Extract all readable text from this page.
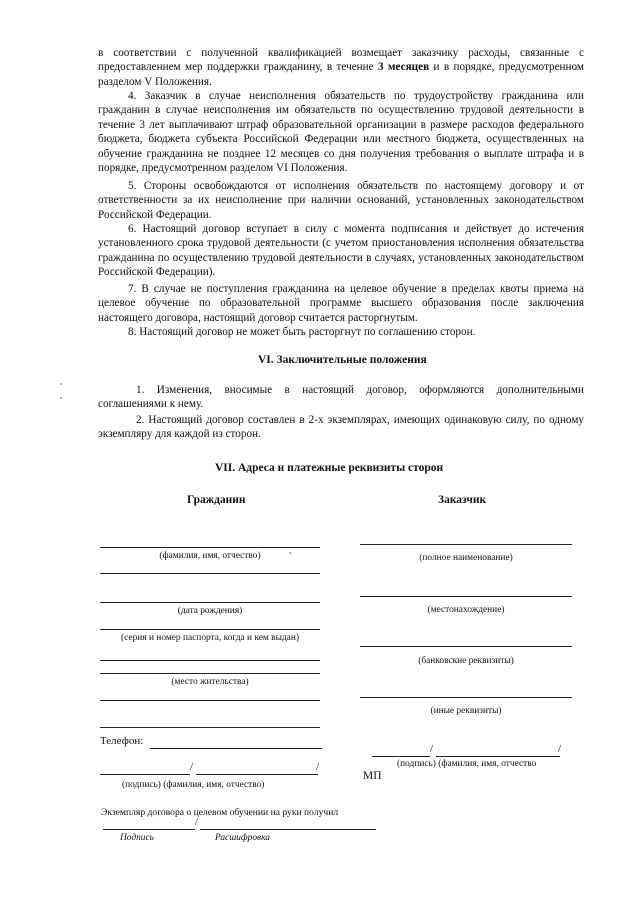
в соответствии с полученной квалификацией возмещает заказчику расходы, связанные с предоставлением мер поддержки гражданину, в течение 3 месяцев и в порядке, предусмотренном разделом V Положения.

4. Заказчик в случае неисполнения обязательств по трудоустройству гражданина или гражданин в случае неисполнения им обязательств по осуществлению трудовой деятельности в течение 3 лет выплачивают штраф образовательной организации в размере расходов федерального бюджета, бюджета субъекта Российской Федерации или местного бюджета, осуществленных на обучение гражданина не позднее 12 месяцев со дня получения требования о выплате штрафа и в порядке, предусмотренном разделом VI Положения.

5. Стороны освобождаются от исполнения обязательств по настоящему договору и от ответственности за их неисполнение при наличии оснований, установленных законодательством Российской Федерации.

6. Настоящий договор вступает в силу с момента подписания и действует до истечения установленного срока трудовой деятельности (с учетом приостановления исполнения обязательства гражданина по осуществлению трудовой деятельности в случаях, установленных законодательством Российской Федерации).

7. В случае не поступления гражданина на целевое обучение в пределах квоты приема на целевое обучение по образовательной программе высшего образования после заключения настоящего договора, настоящий договор считается расторгнутым.

8. Настоящий договор не может быть расторгнут по соглашению сторон.

VI. Заключительные положения

1. Изменения, вносимые в настоящий договор, оформляются дополнительными соглашениями к нему.

2. Настоящий договор составлен в 2-х экземплярах, имеющих одинаковую силу, по одному экземпляру для каждой из сторон.

VII. Адреса и платежные реквизиты сторон
Гражданин	Заказчик
(фамилия, имя, отчество)
(дата рождения)
(серия и номер паспорта, когда и кем выдан)
(место жительства)
Телефон:
/	/
(подпись) (фамилия, имя, отчество)
(полное наименование)
(местонахождение)
(банковские реквизиты)
(иные реквизиты)
/	/
(подпись) (фамилия, имя, отчество
МП
Экземпляр договора о целевом обучении на руки получил
/
Подпись	Расшифровка
